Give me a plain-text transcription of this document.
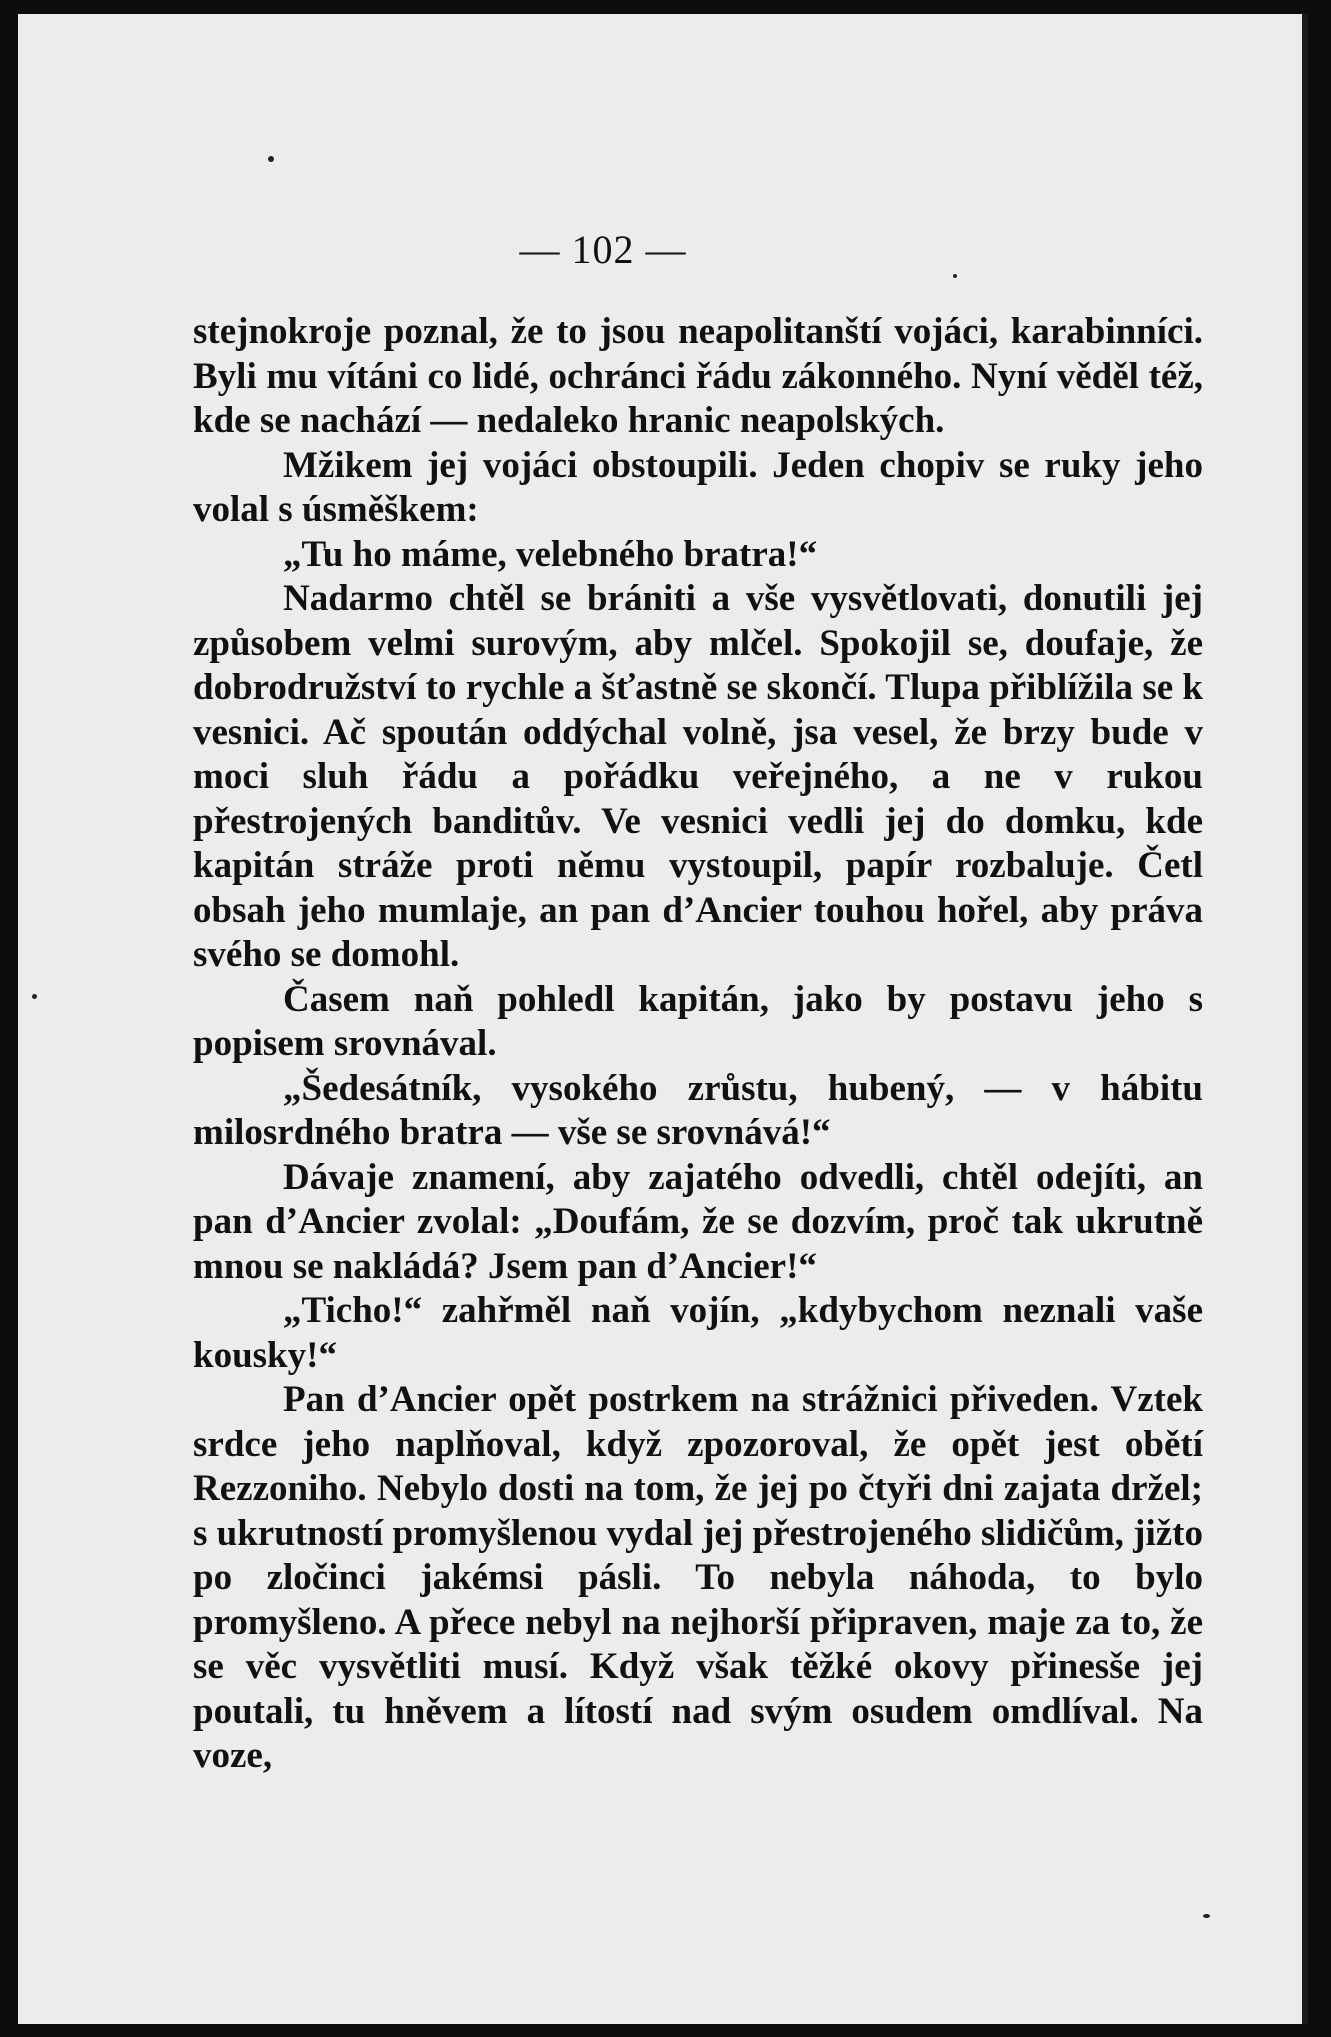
— 102 —

stejnokroje poznal, že to jsou neapolitanští vojáci, karabinníci. Byli mu vítáni co lidé, ochránci řádu zákonného. Nyní věděl též, kde se nachází — nedaleko hranic neapolských.

Mžikem jej vojáci obstoupili. Jeden chopiv se ruky jeho volal s úsměškem:

„Tu ho máme, velebného bratra!“

Nadarmo chtěl se brániti a vše vysvětlovati, donutili jej způsobem velmi surovým, aby mlčel. Spokojil se, doufaje, že dobrodružství to rychle a šťastně se skončí. Tlupa přiblížila se k vesnici. Ač spoután oddýchal volně, jsa vesel, že brzy bude v moci sluh řádu a pořádku veřejného, a ne v rukou přestrojených banditův. Ve vesnici vedli jej do domku, kde kapitán stráže proti němu vystoupil, papír rozbaluje. Četl obsah jeho mumlaje, an pan d’Ancier touhou hořel, aby práva svého se domohl.

Časem naň pohledl kapitán, jako by postavu jeho s popisem srovnával.

„Šedesátník, vysokého zrůstu, hubený, — v hábitu milosrdného bratra — vše se srovnává!“

Dávaje znamení, aby zajatého odvedli, chtěl odejíti, an pan d’Ancier zvolal: „Doufám, že se dozvím, proč tak ukrutně mnou se nakládá? Jsem pan d’Ancier!“

„Ticho!“ zahřměl naň vojín, „kdybychom neznali vaše kousky!“

Pan d’Ancier opět postrkem na strážnici přiveden. Vztek srdce jeho naplňoval, když zpozoroval, že opět jest obětí Rezzoniho. Nebylo dosti na tom, že jej po čtyři dni zajata držel; s ukrutností promyšlenou vydal jej přestrojeného slidičům, jižto po zločinci jakémsi pásli. To nebyla náhoda, to bylo promyšleno. A přece nebyl na nejhorší připraven, maje za to, že se věc vysvětliti musí. Když však těžké okovy přinesše jej poutali, tu hněvem a lítostí nad svým osudem omdlíval. Na voze,
